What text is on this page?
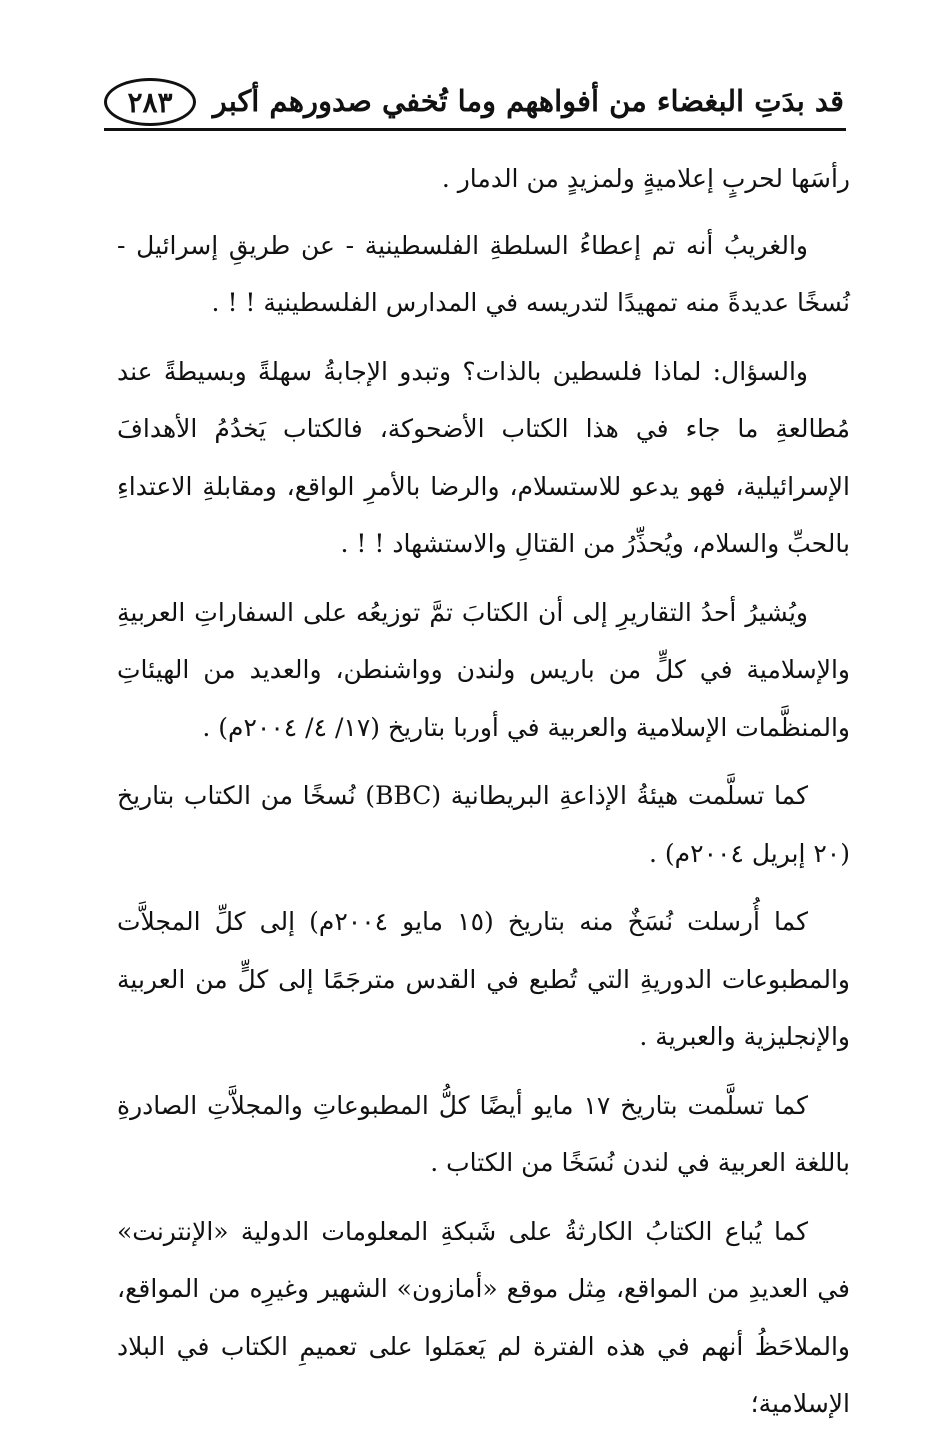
قد بدَتِ البغضاء من أفواههم وما تُخفي صدورهم أكبر
٢٨٣

رأسَها لحربٍ إعلاميةٍ ولمزيدٍ من الدمار .

والغريبُ أنه تم إعطاءُ السلطةِ الفلسطينية - عن طريقِ إسرائيل - نُسخًا عديدةً منه تمهيدًا لتدريسه في المدارس الفلسطينية ! ! .

والسؤال: لماذا فلسطين بالذات؟ وتبدو الإجابةُ سهلةً وبسيطةً عند مُطالعةِ ما جاء في هذا الكتاب الأضحوكة، فالكتاب يَخدُمُ الأهدافَ الإسرائيلية، فهو يدعو للاستسلام، والرضا بالأمرِ الواقع، ومقابلةِ الاعتداءِ بالحبِّ والسلام، ويُحذِّرُ من القتالِ والاستشهاد ! ! .

ويُشيرُ أحدُ التقاريرِ إلى أن الكتابَ تمَّ توزيعُه على السفاراتِ العربيةِ والإسلامية في كلٍّ من باريس ولندن وواشنطن، والعديد من الهيئاتِ والمنظَّمات الإسلامية والعربية في أوربا بتاريخ (١٧/ ٤/ ٢٠٠٤م) .

كما تسلَّمت هيئةُ الإذاعةِ البريطانية (BBC) نُسخًا من الكتاب بتاريخ (٢٠ إبريل ٢٠٠٤م) .

كما أُرسلت نُسَخٌ منه بتاريخ (١٥ مايو ٢٠٠٤م) إلى كلِّ المجلاَّت والمطبوعات الدوريةِ التي تُطبع في القدس مترجَمًا إلى كلٍّ من العربية والإنجليزية والعبرية .

كما تسلَّمت بتاريخ ١٧ مايو أيضًا كلُّ المطبوعاتِ والمجلاَّتِ الصادرةِ باللغة العربية في لندن نُسَخًا من الكتاب .

كما يُباع الكتابُ الكارثةُ على شَبكةِ المعلومات الدولية «الإنترنت» في العديدِ من المواقع، مِثل موقع «أمازون» الشهير وغيرِه من المواقع، والملاحَظُ أنهم في هذه الفترة لم يَعمَلوا على تعميمِ الكتاب في البلاد الإسلامية؛
